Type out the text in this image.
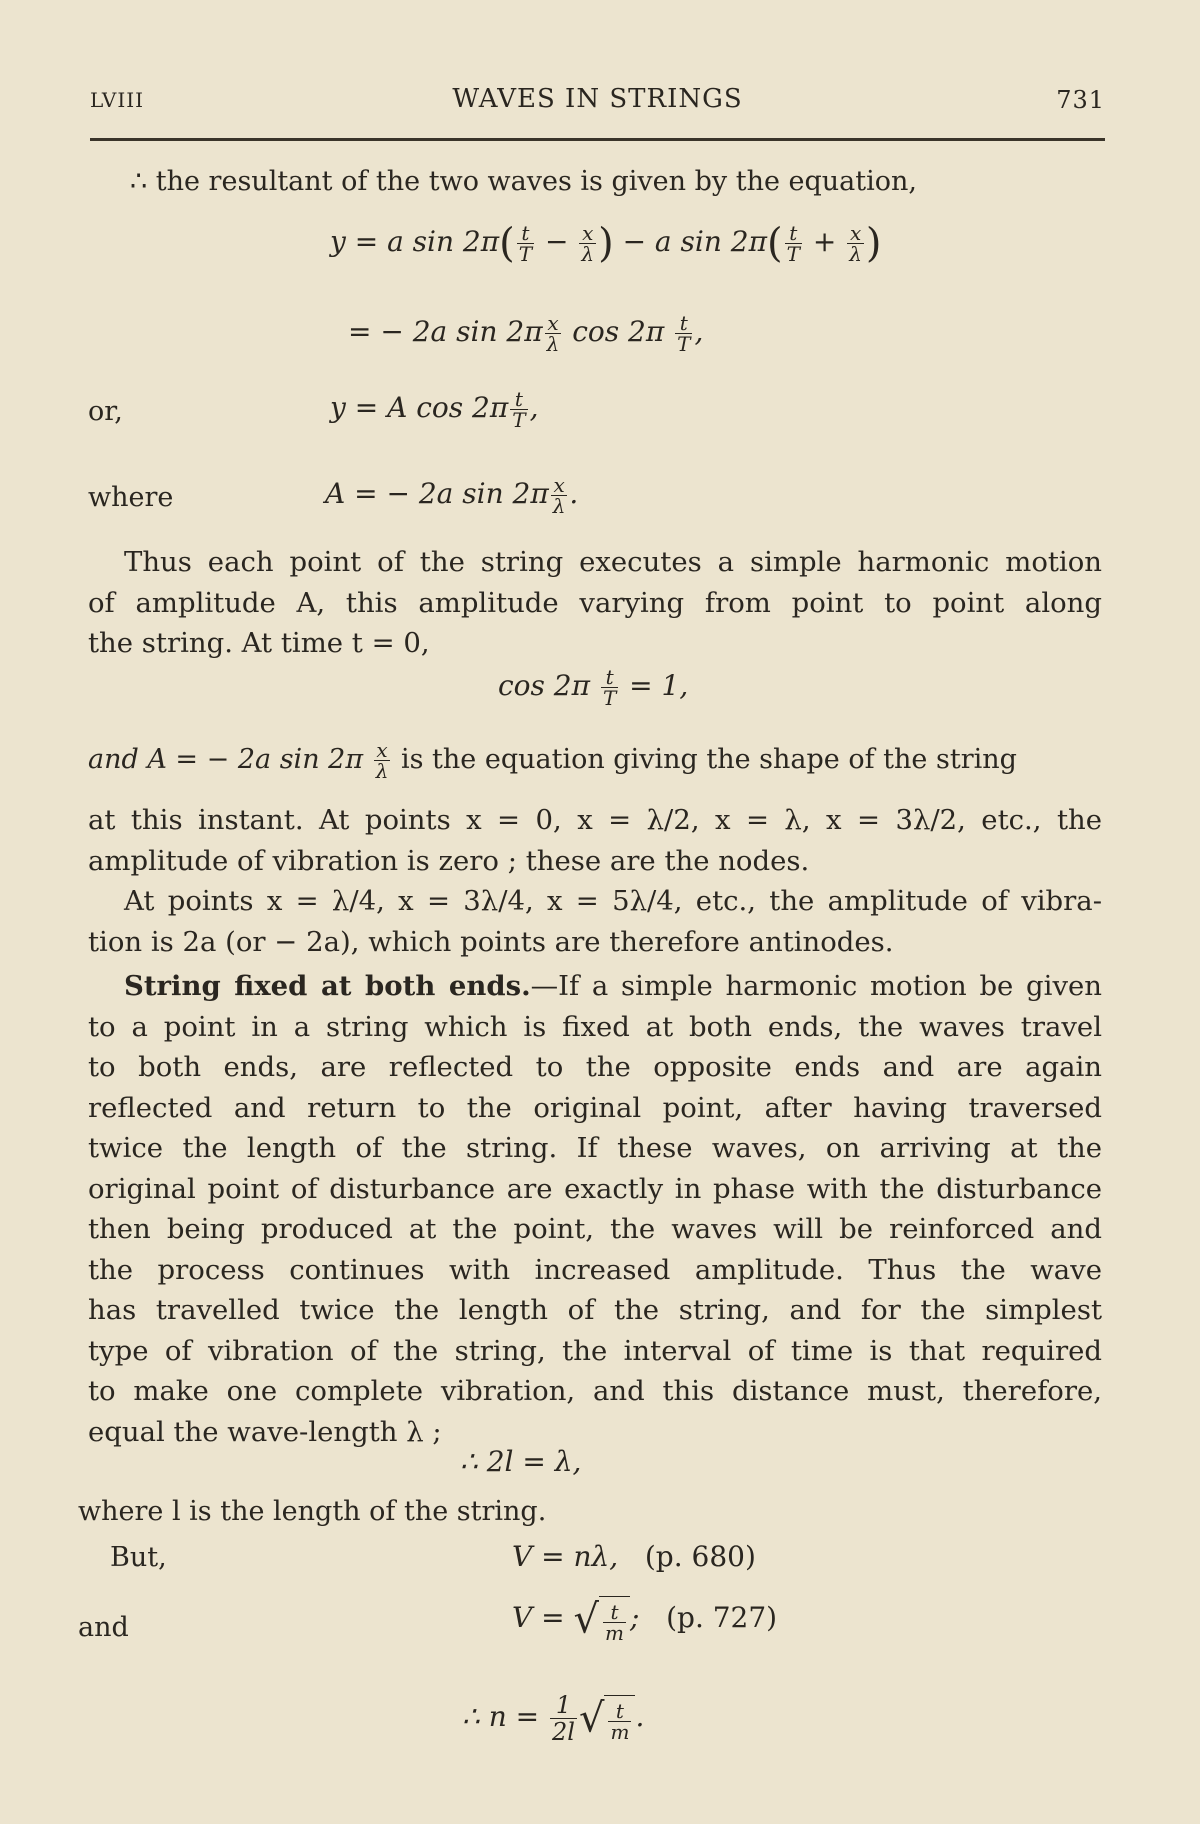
LVIII	WAVES IN STRINGS	731
∴ the resultant of the two waves is given by the equation,
y = a $\sin 2\pi( \frac{t}{T} - \frac{x}{\lambda}$ ) − a $\sin 2\pi( \frac{t}{T} + \frac{x}{\lambda}$ )
= − 2a $\sin 2\pi \frac{x}{\lambda}$ $\cos 2\pi \frac{t}{T}$ ,
or,	y = A $\cos 2\pi \frac{t}{T}$ ,
where	A = − 2a $\sin 2\pi \frac{x}{\lambda}$ .
Thus each point of the string executes a simple harmonic motion
of amplitude A, this amplitude varying from point to point along
the string. At time t = 0,
$\cos 2\pi \frac{t}{T} = 1$,
and A = − 2a $\sin 2\pi \frac{x}{\lambda}$ is the equation giving the shape of the string
at this instant. At points x = 0, x = λ/2, x = λ, x = 3λ/2, etc., the
amplitude of vibration is zero ; these are the nodes.
At points x = λ/4, x = 3λ/4, x = 5λ/4, etc., the amplitude of vibra-
tion is 2a (or − 2a), which points are therefore antinodes.
String fixed at both ends.—If a simple harmonic motion be given
to a point in a string which is fixed at both ends, the waves travel
to both ends, are reflected to the opposite ends and are again
reflected and return to the original point, after having traversed
twice the length of the string. If these waves, on arriving at the
original point of disturbance are exactly in phase with the disturbance
then being produced at the point, the waves will be reinforced and
the process continues with increased amplitude. Thus the wave
has travelled twice the length of the string, and for the simplest
type of vibration of the string, the interval of time is that required
to make one complete vibration, and this distance must, therefore,
equal the wave-length λ ;
∴ 2l = λ,
where l is the length of the string.
But,	V = nλ, (p. 680)
and	V = √ $\frac{t}{m}$ ; (p. 727)
∴ $n = \frac{1}{2l}$ √ $\frac{t}{m}$ .
